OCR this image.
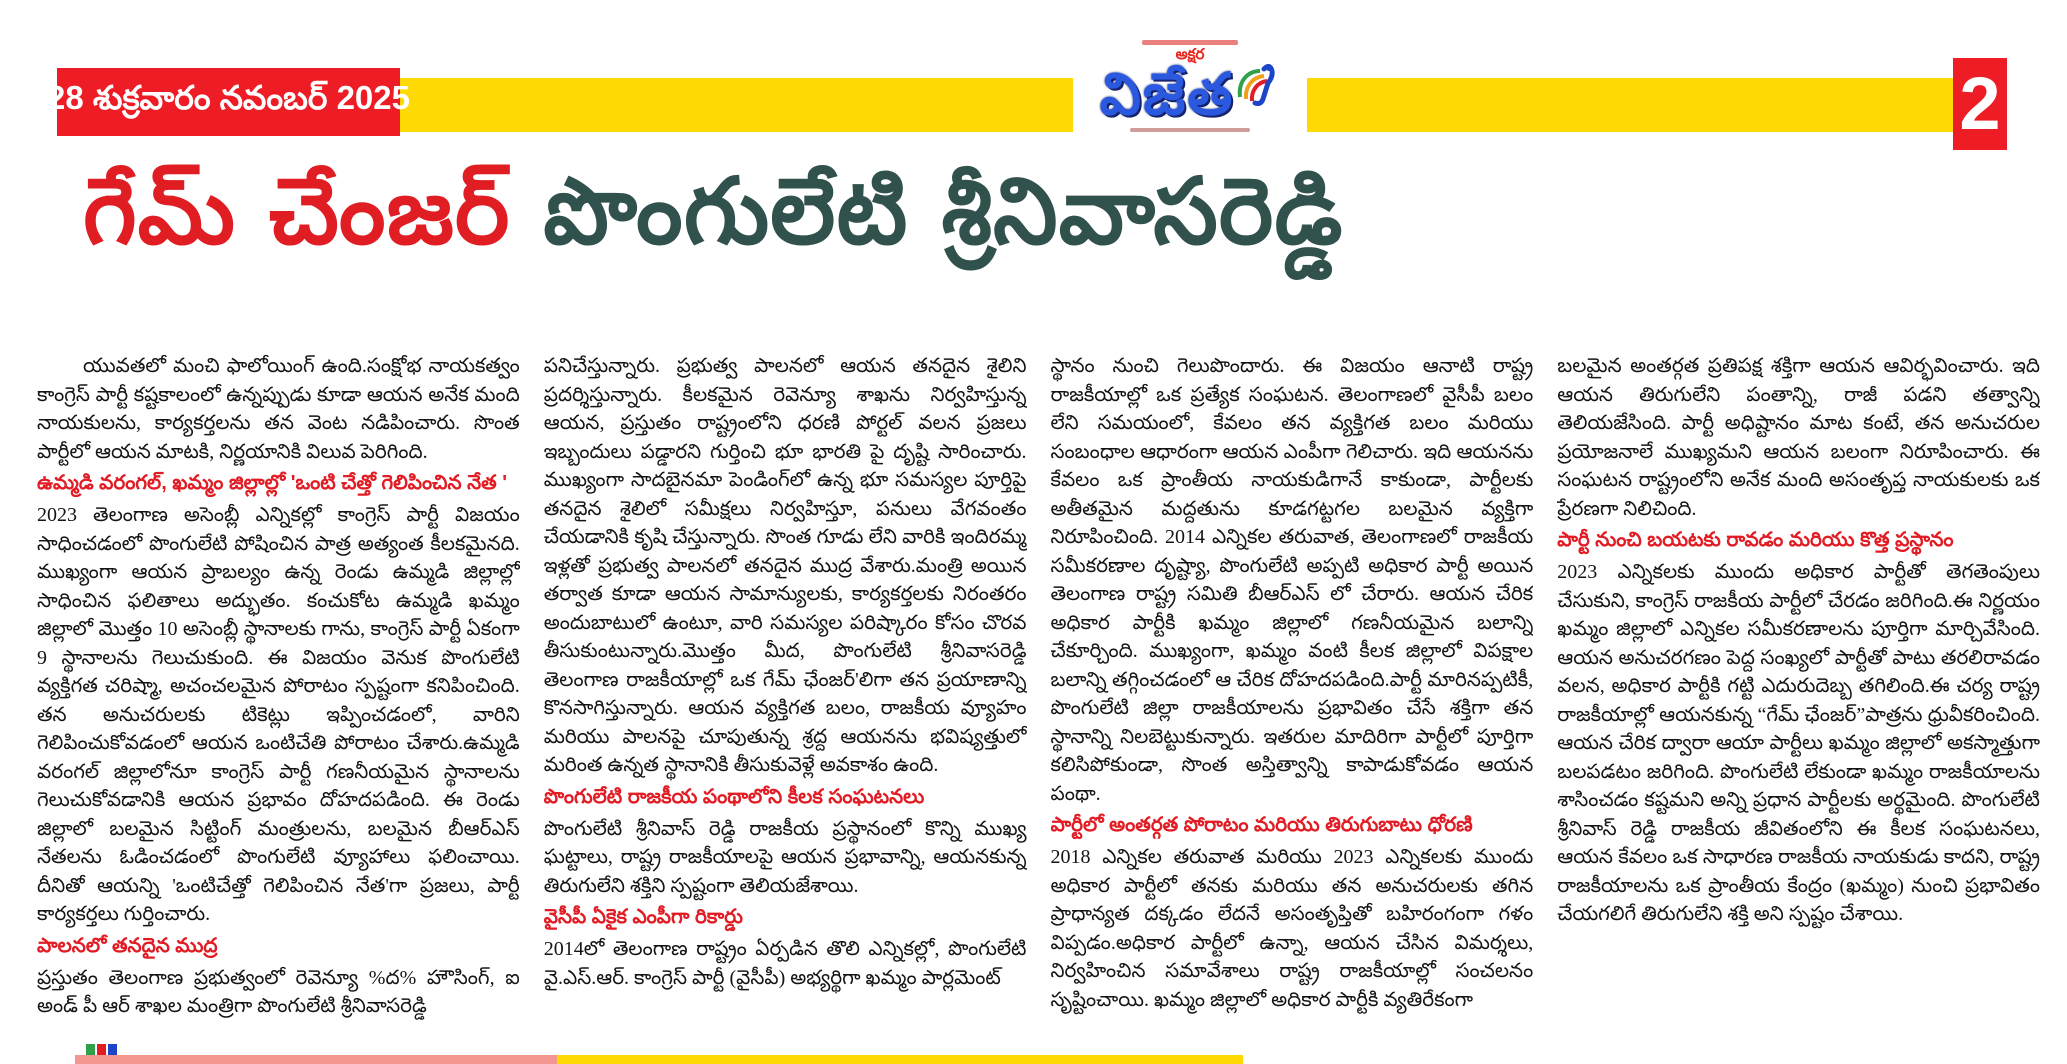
28 శుక్రవారం నవంబర్ 2025
అక్షర
విజేత	2
గేమ్ చేంజర్ పొంగులేటి శ్రీనివాసరెడ్డి

యువతలో మంచి ఫాలోయింగ్ ఉంది.సంక్షోభ నాయకత్వం కాంగ్రెస్ పార్టీ కష్టకాలంలో ఉన్నప్పుడు కూడా ఆయన అనేక మంది నాయకులను, కార్యకర్తలను తన వెంట నడిపించారు. సొంత పార్టీలో ఆయన మాటకి, నిర్ణయానికి విలువ పెరిగింది.

ఉమ్మడి వరంగల్, ఖమ్మం జిల్లాల్లో 'ఒంటి చేత్తో గెలిపించిన నేత '

2023 తెలంగాణ అసెంబ్లీ ఎన్నికల్లో కాంగ్రెస్ పార్టీ విజయం సాధించడంలో పొంగులేటి పోషించిన పాత్ర అత్యంత కీలకమైనది. ముఖ్యంగా ఆయన ప్రాబల్యం ఉన్న రెండు ఉమ్మడి జిల్లాల్లో సాధించిన ఫలితాలు అద్భుతం. కంచుకోట ఉమ్మడి ఖమ్మం జిల్లాలో మొత్తం 10 అసెంబ్లీ స్థానాలకు గాను, కాంగ్రెస్ పార్టీ ఏకంగా 9 స్థానాలను గెలుచుకుంది. ఈ విజయం వెనుక పొంగులేటి వ్యక్తిగత చరిష్మా, అచంచలమైన పోరాటం స్పష్టంగా కనిపించింది. తన అనుచరులకు టికెట్లు ఇప్పించడంలో, వారిని గెలిపించుకోవడంలో ఆయన ఒంటిచేతి పోరాటం చేశారు.ఉమ్మడి వరంగల్ జిల్లాలోనూ కాంగ్రెస్ పార్టీ గణనీయమైన స్థానాలను గెలుచుకోవడానికి ఆయన ప్రభావం దోహదపడింది. ఈ రెండు జిల్లాలో బలమైన సిట్టింగ్ మంత్రులను, బలమైన బీఆర్ఎస్ నేతలను ఓడించడంలో పొంగులేటి వ్యూహాలు ఫలించాయి. దీనితో ఆయన్ని 'ఒంటిచేత్తో గెలిపించిన నేత'గా ప్రజలు, పార్టీ కార్యకర్తలు గుర్తించారు.

పాలనలో తనదైన ముద్ర

ప్రస్తుతం తెలంగాణ ప్రభుత్వంలో రెవెన్యూ %ద% హౌసింగ్, ఐ అండ్ పీ ఆర్ శాఖల మంత్రిగా పొంగులేటి శ్రీనివాసరెడ్డి

పనిచేస్తున్నారు. ప్రభుత్వ పాలనలో ఆయన తనదైన శైలిని ప్రదర్శిస్తున్నారు. కీలకమైన రెవెన్యూ శాఖను నిర్వహిస్తున్న ఆయన, ప్రస్తుతం రాష్ట్రంలోని ధరణి పోర్టల్ వలన ప్రజలు ఇబ్బందులు పడ్డారని గుర్తించి భూ భారతి పై దృష్టి సారించారు. ముఖ్యంగా సాదబైనమా పెండింగ్‌లో ఉన్న భూ సమస్యల పూర్తిపై తనదైన శైలిలో సమీక్షలు నిర్వహిస్తూ, పనులు వేగవంతం చేయడానికి కృషి చేస్తున్నారు. సొంత గూడు లేని వారికి ఇందిరమ్మ ఇళ్లతో ప్రభుత్వ పాలనలో తనదైన ముద్ర వేశారు.మంత్రి అయిన తర్వాత కూడా ఆయన సామాన్యులకు, కార్యకర్తలకు నిరంతరం అందుబాటులో ఉంటూ, వారి సమస్యల పరిష్కారం కోసం చొరవ తీసుకుంటున్నారు.మొత్తం మీద, పొంగులేటి శ్రీనివాసరెడ్డి తెలంగాణ రాజకీయాల్లో ఒక గేమ్ ఛేంజర్'లిగా తన ప్రయాణాన్ని కొనసాగిస్తున్నారు. ఆయన వ్యక్తిగత బలం, రాజకీయ వ్యూహం మరియు పాలనపై చూపుతున్న శ్రద్ద ఆయనను భవిష్యత్తులో మరింత ఉన్నత స్థానానికి తీసుకువెళ్లే అవకాశం ఉంది.

పొంగులేటి రాజకీయ పంథాలోని కీలక సంఘటనలు

పొంగులేటి శ్రీనివాస్ రెడ్డి రాజకీయ ప్రస్థానంలో కొన్ని ముఖ్య ఘట్టాలు, రాష్ట్ర రాజకీయాలపై ఆయన ప్రభావాన్ని, ఆయనకున్న తిరుగులేని శక్తిని స్పష్టంగా తెలియజేశాయి.

వైసీపీ ఏకైక ఎంపీగా రికార్డు

2014లో తెలంగాణ రాష్ట్రం ఏర్పడిన తొలి ఎన్నికల్లో, పొంగులేటి వై.ఎస్.ఆర్. కాంగ్రెస్ పార్టీ (వైసీపీ) అభ్యర్థిగా ఖమ్మం పార్లమెంట్

స్థానం నుంచి గెలుపొందారు. ఈ విజయం ఆనాటి రాష్ట్ర రాజకీయాల్లో ఒక ప్రత్యేక సంఘటన. తెలంగాణలో వైసీపీ బలం లేని సమయంలో, కేవలం తన వ్యక్తిగత బలం మరియు సంబంధాల ఆధారంగా ఆయన ఎంపీగా గెలిచారు. ఇది ఆయనను కేవలం ఒక ప్రాంతీయ నాయకుడిగానే కాకుండా, పార్టీలకు అతీతమైన మద్దతును కూడగట్టగల బలమైన వ్యక్తిగా నిరూపించింది. 2014 ఎన్నికల తరువాత, తెలంగాణలో రాజకీయ సమీకరణాల దృష్ట్యా, పొంగులేటి అప్పటి అధికార పార్టీ అయిన తెలంగాణ రాష్ట్ర సమితి బీఆర్ఎస్ లో చేరారు. ఆయన చేరిక అధికార పార్టీకి ఖమ్మం జిల్లాలో గణనీయమైన బలాన్ని చేకూర్చింది. ముఖ్యంగా, ఖమ్మం వంటి కీలక జిల్లాలో విపక్షాల బలాన్ని తగ్గించడంలో ఆ చేరిక దోహదపడింది.పార్టీ మారినప్పటికీ, పొంగులేటి జిల్లా రాజకీయాలను ప్రభావితం చేసే శక్తిగా తన స్థానాన్ని నిలబెట్టుకున్నారు. ఇతరుల మాదిరిగా పార్టీలో పూర్తిగా కలిసిపోకుండా, సొంత అస్తిత్వాన్ని కాపాడుకోవడం ఆయన పంథా.

పార్టీలో అంతర్గత పోరాటం మరియు తిరుగుబాటు ధోరణి

2018 ఎన్నికల తరువాత మరియు 2023 ఎన్నికలకు ముందు అధికార పార్టీలో తనకు మరియు తన అనుచరులకు తగిన ప్రాధాన్యత దక్కడం లేదనే అసంతృప్తితో బహిరంగంగా గళం విప్పడం.అధికార పార్టీలో ఉన్నా, ఆయన చేసిన విమర్శలు, నిర్వహించిన సమావేశాలు రాష్ట్ర రాజకీయాల్లో సంచలనం సృష్టించాయి. ఖమ్మం జిల్లాలో అధికార పార్టీకి వ్యతిరేకంగా

బలమైన అంతర్గత ప్రతిపక్ష శక్తిగా ఆయన ఆవిర్భవించారు. ఇది ఆయన తిరుగులేని పంతాన్ని, రాజీ పడని తత్వాన్ని తెలియజేసింది. పార్టీ అధిష్టానం మాట కంటే, తన అనుచరుల ప్రయోజనాలే ముఖ్యమని ఆయన బలంగా నిరూపించారు. ఈ సంఘటన రాష్ట్రంలోని అనేక మంది అసంతృప్త నాయకులకు ఒక ప్రేరణగా నిలిచింది.

పార్టీ నుంచి బయటకు రావడం మరియు కొత్త ప్రస్థానం

2023 ఎన్నికలకు ముందు అధికార పార్టీతో తెగతెంపులు చేసుకుని, కాంగ్రెస్ రాజకీయ పార్టీలో చేరడం జరిగింది.ఈ నిర్ణయం ఖమ్మం జిల్లాలో ఎన్నికల సమీకరణాలను పూర్తిగా మార్చివేసింది. ఆయన అనుచరగణం పెద్ద సంఖ్యలో పార్టీతో పాటు తరలిరావడం వలన, అధికార పార్టీకి గట్టి ఎదురుదెబ్బ తగిలింది.ఈ చర్య రాష్ట్ర రాజకీయాల్లో ఆయనకున్న “గేమ్ ఛేంజర్”పాత్రను ధ్రువీకరించింది. ఆయన చేరిక ద్వారా ఆయా పార్టీలు ఖమ్మం జిల్లాలో అకస్మాత్తుగా బలపడటం జరిగింది. పొంగులేటి లేకుండా ఖమ్మం రాజకీయాలను శాసించడం కష్టమని అన్ని ప్రధాన పార్టీలకు అర్థమైంది. పొంగులేటి శ్రీనివాస్ రెడ్డి రాజకీయ జీవితంలోని ఈ కీలక సంఘటనలు, ఆయన కేవలం ఒక సాధారణ రాజకీయ నాయకుడు కాదని, రాష్ట్ర రాజకీయాలను ఒక ప్రాంతీయ కేంద్రం (ఖమ్మం) నుంచి ప్రభావితం చేయగలిగే తిరుగులేని శక్తి అని స్పష్టం చేశాయి.
